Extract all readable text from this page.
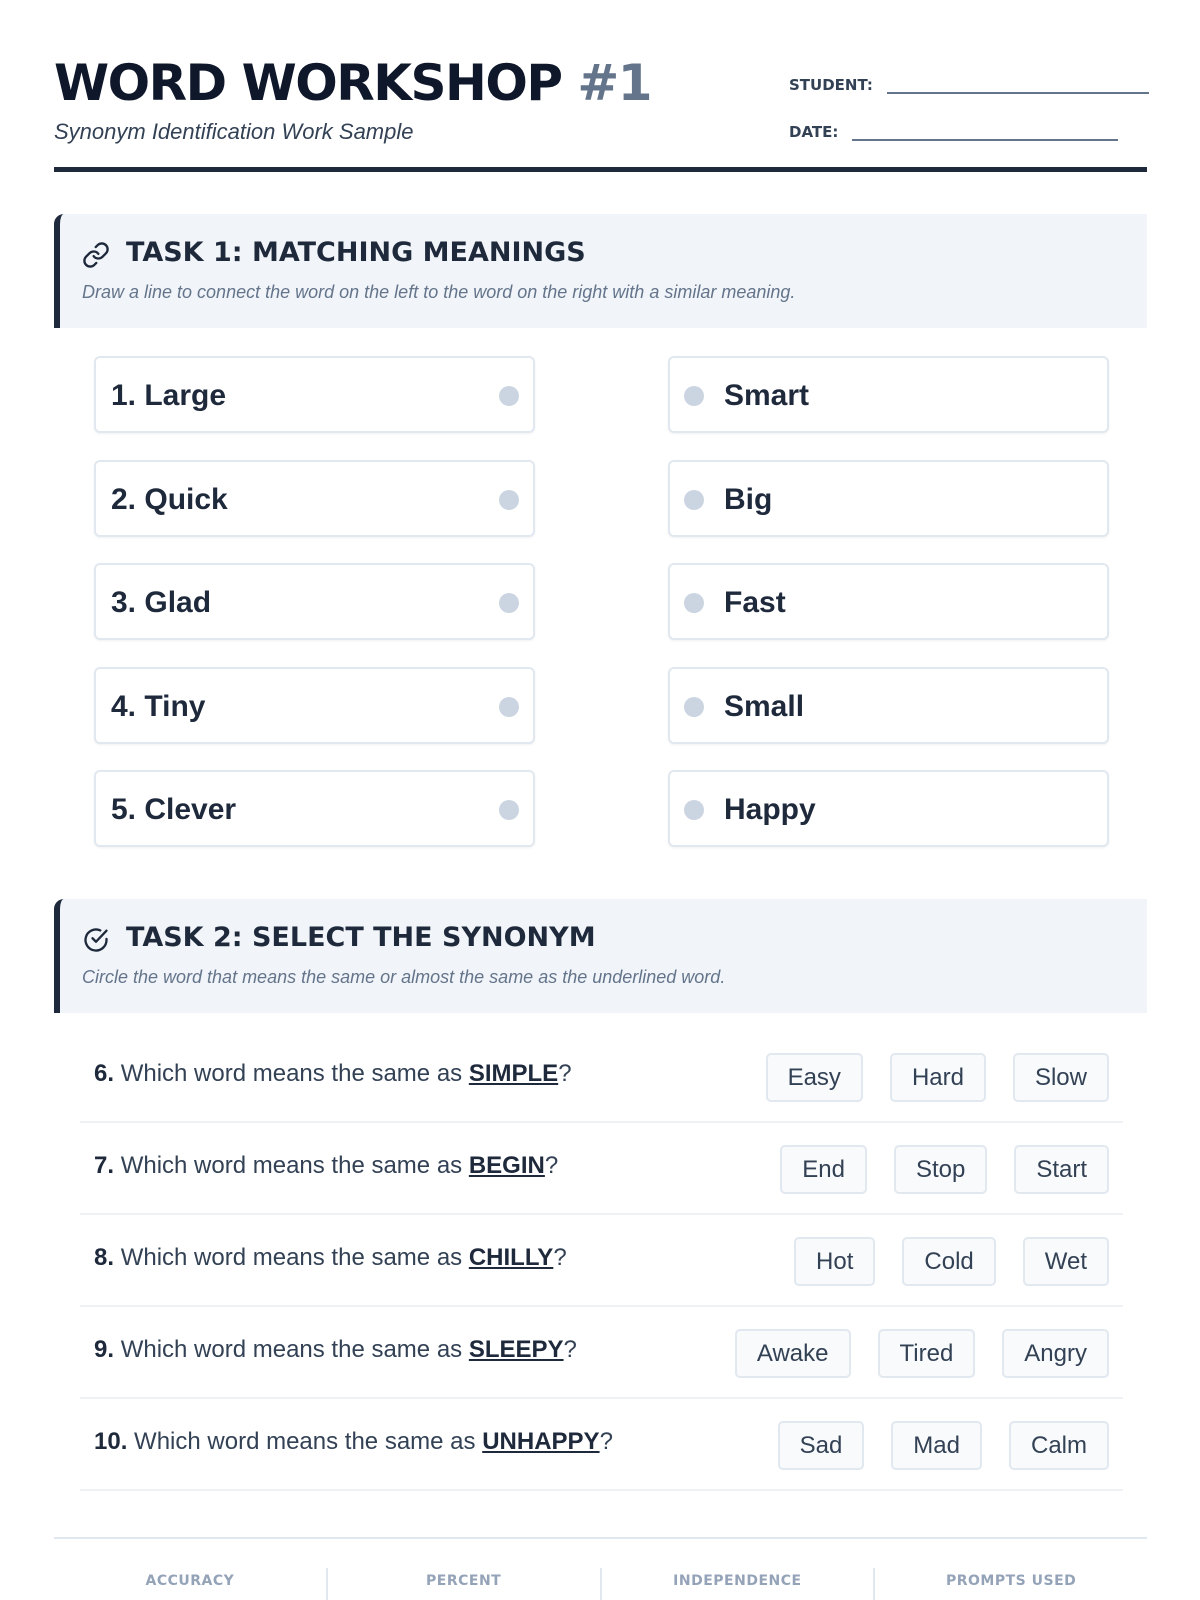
WORD WORKSHOP #1
Synonym Identification Work Sample
STUDENT:
DATE:
TASK 1: MATCHING MEANINGS
Draw a line to connect the word on the left to the word on the right with a similar meaning.
1. Large
2. Quick
3. Glad
4. Tiny
5. Clever
Smart
Big
Fast
Small
Happy
TASK 2: SELECT THE SYNONYM
Circle the word that means the same or almost the same as the underlined word.
6. Which word means the same as SIMPLE?	Easy	Hard	Slow
7. Which word means the same as BEGIN?	End	Stop	Start
8. Which word means the same as CHILLY?	Hot	Cold	Wet
9. Which word means the same as SLEEPY?	Awake	Tired	Angry
10. Which word means the same as UNHAPPY?	Sad	Mad	Calm
ACCURACY	PERCENT	INDEPENDENCE	PROMPTS USED
